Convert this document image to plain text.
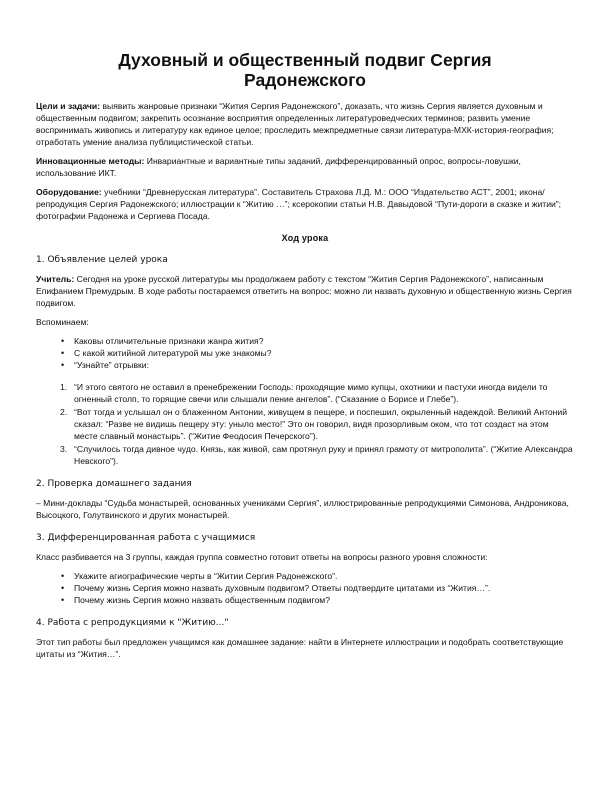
Духовный и общественный подвиг Сергия Радонежского

Цели и задачи: выявить жанровые признаки “Жития Сергия Радонежского”, доказать, что жизнь Сергия является духовным и общественным подвигом; закрепить осознание восприятия определенных литературоведческих терминов; развить умение воспринимать живопись и литературу как единое целое; проследить межпредметные связи литература-МХК-история-география; отработать умение анализа публицистической статьи.

Инновационные методы: Инвариантные и вариантные типы заданий, дифференцированный опрос, вопросы-ловушки, использование ИКТ.

Оборудование: учебники “Древнерусская литература”. Составитель Страхова Л.Д. М.: ООО “Издательство АСТ”, 2001; икона/репродукция Сергия Радонежского; иллюстрации к “Житию …”; ксерокопии статьи Н.В. Давыдовой “Пути-дороги в сказке и житии”; фотографии Радонежа и Сергиева Посада.

Ход урока
1. Объявление целей урока

Учитель: Сегодня на уроке русской литературы мы продолжаем работу с текстом “Жития Сергия Радонежского”, написанным Епифанием Премудрым. В ходе работы постараемся ответить на вопрос: можно ли назвать духовную и общественную жизнь Сергия подвигом.

Вспоминаем:

• Каковы отличительные признаки жанра жития?
• С какой житийной литературой мы уже знакомы?
• “Узнайте” отрывки:
1. “И этого святого не оставил в пренебрежении Господь: проходящие мимо купцы, охотники и пастухи иногда видели то огненный столп, то горящие свечи или слышали пение ангелов”. (“Сказание о Борисе и Глебе”).
2. “Вот тогда и услышал он о блаженном Антонии, живущем в пещере, и поспешил, окрыленный надеждой. Великий Антоний сказал: “Разве не видишь пещеру эту: уныло место!” Это он говорил, видя прозорливым оком, что тот создаст на этом месте славный монастырь”. (“Житие Феодосия Печерского”).
3. “Случилось тогда дивное чудо. Князь, как живой, сам протянул руку и принял грамоту от митрополита”. (“Житие Александра Невского”).
2. Проверка домашнего задания

– Мини-доклады “Судьба монастырей, основанных учениками Сергия”, иллюстрированные репродукциями Симонова, Андроникова, Высоцкого, Голутвинского и других монастырей.

3. Дифференцированная работа с учащимися

Класс разбивается на 3 группы, каждая группа совместно готовит ответы на вопросы разного уровня сложности:

• Укажите агиографические черты в “Житии Сергия Радонежского”.
• Почему жизнь Сергия можно назвать духовным подвигом? Ответы подтвердите цитатами из “Жития…”.
• Почему жизнь Сергия можно назвать общественным подвигом?
4. Работа с репродукциями к "Житию..."

Этот тип работы был предложен учащимся как домашнее задание: найти в Интернете иллюстрации и подобрать соответствующие цитаты из “Жития…”.
